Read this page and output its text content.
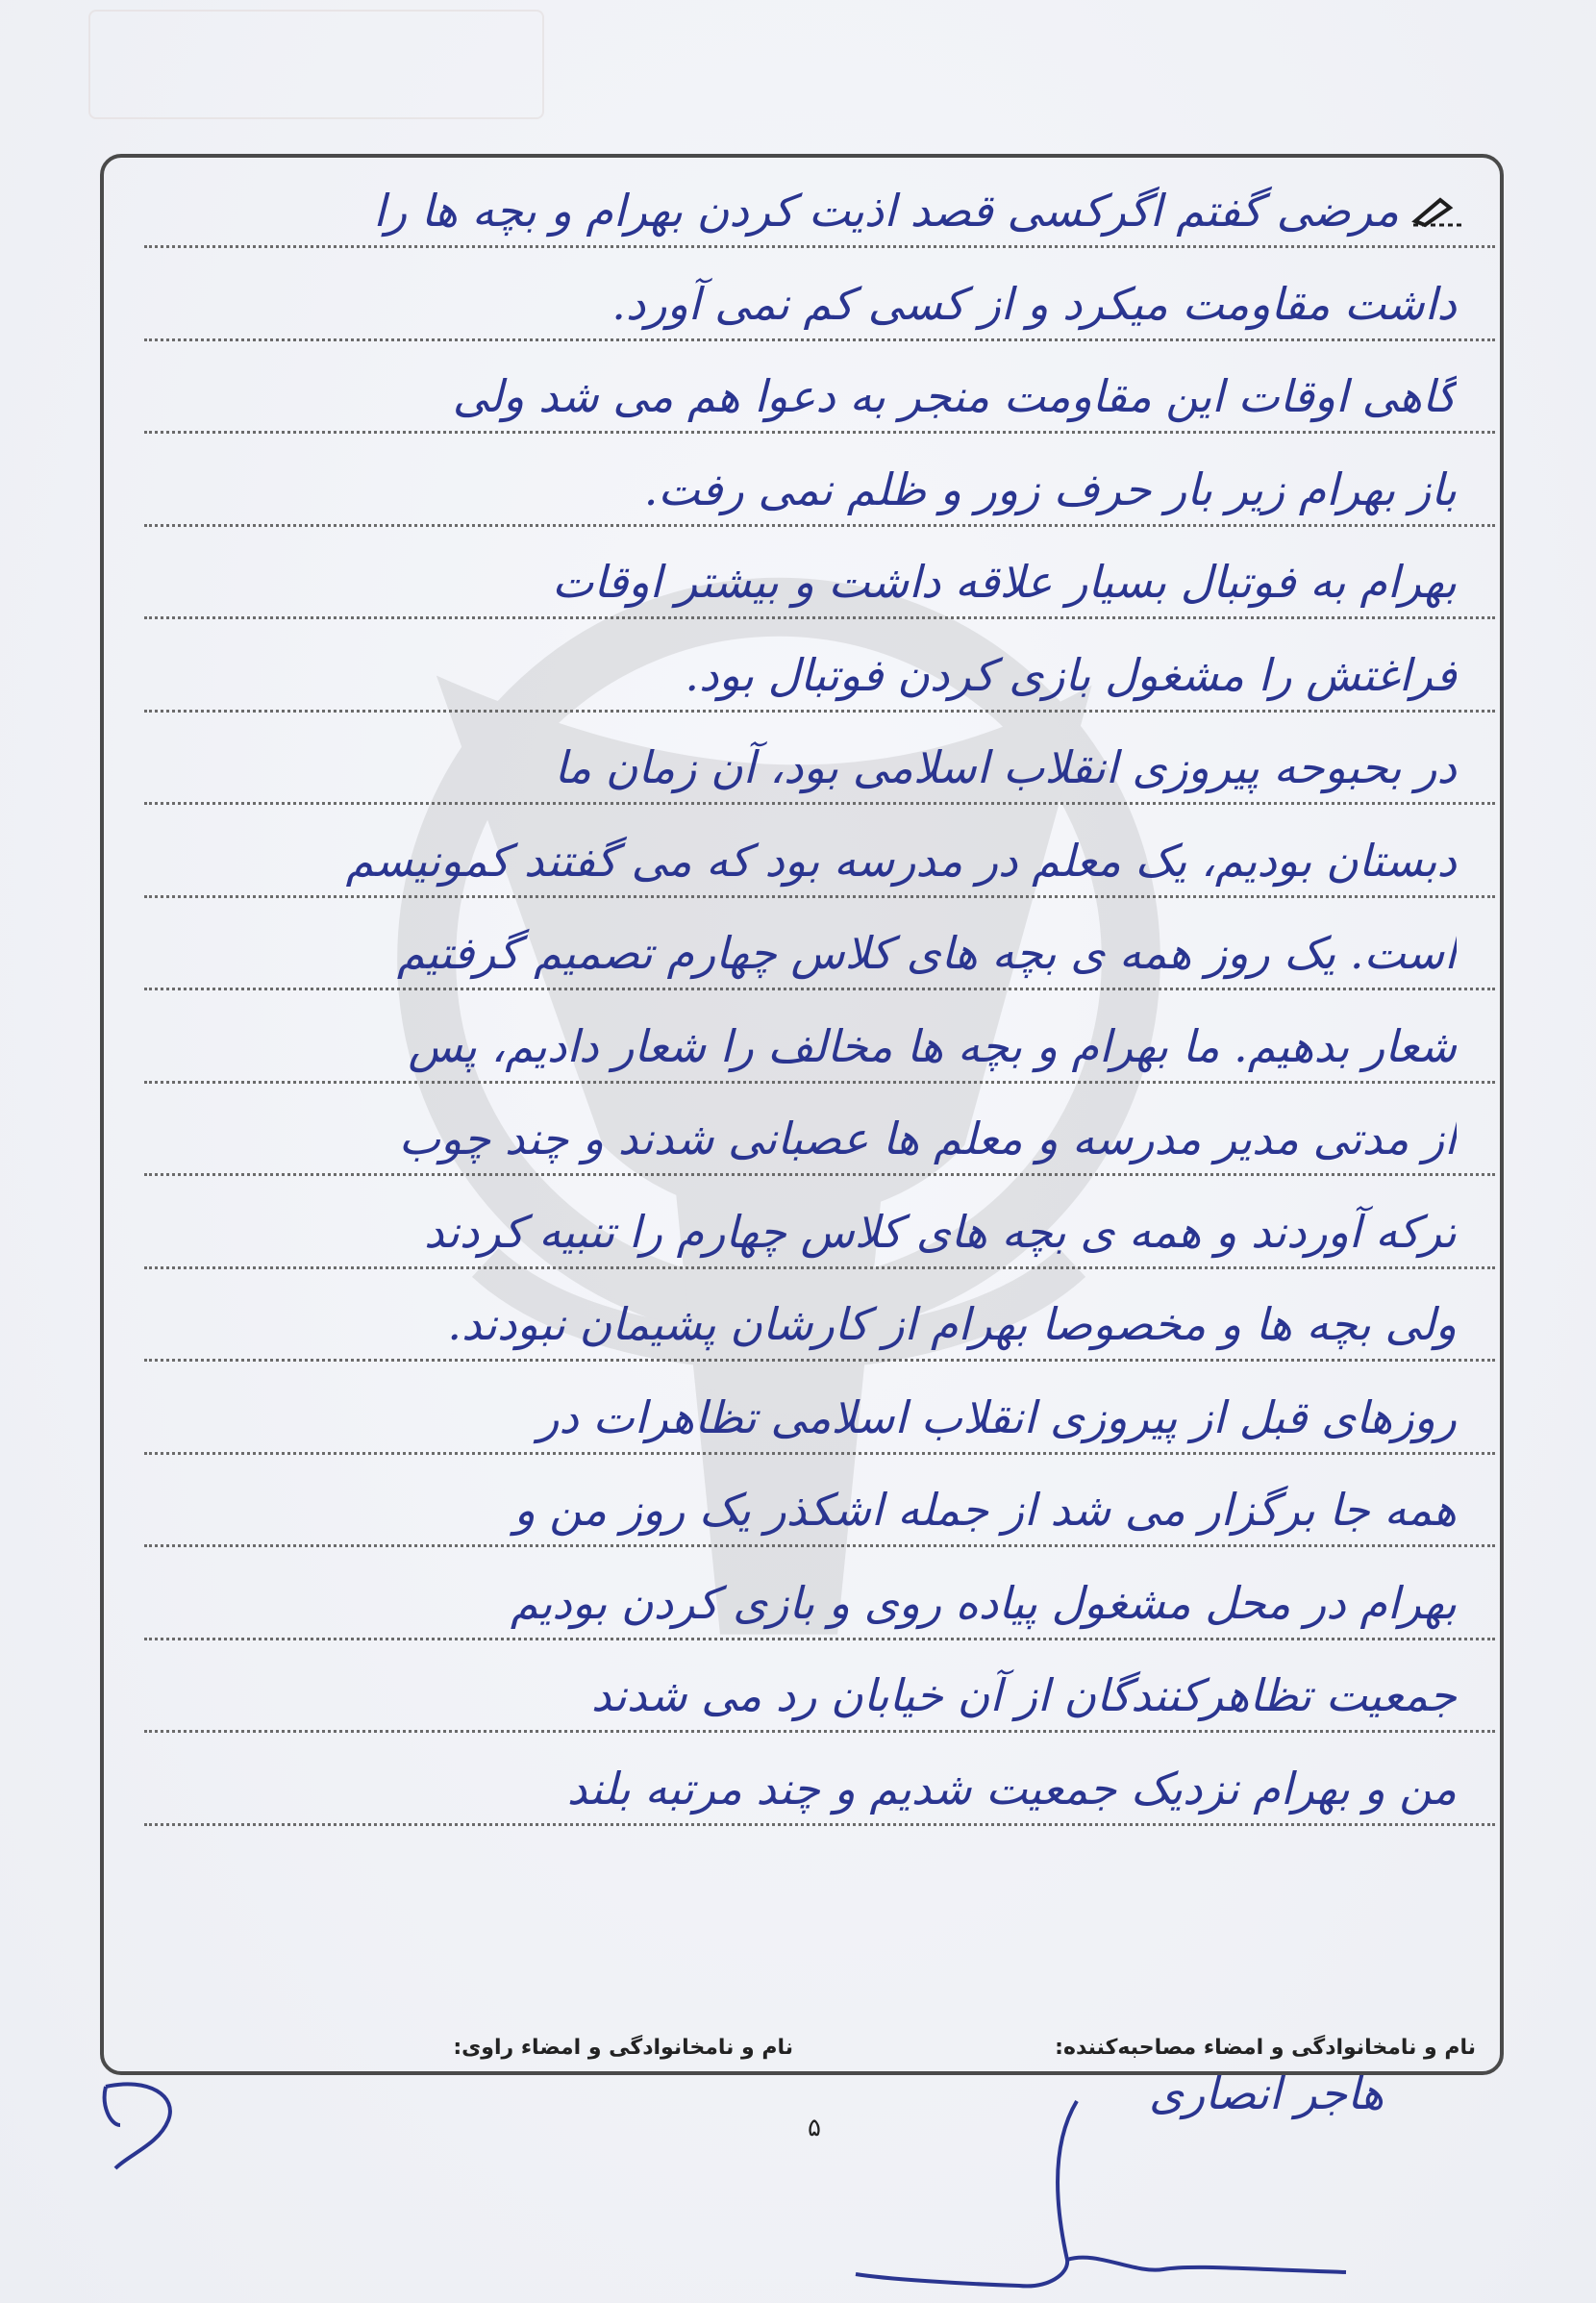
مرضی گفتم اگرکسی قصد اذیت کردن بهرام و بچه ها را
داشت مقاومت میکرد و از کسی کم نمی آورد.
گاهی اوقات این مقاومت منجر به دعوا هم می شد ولی
باز بهرام زیر بار حرف زور و ظلم نمی رفت.
بهرام به فوتبال بسیار علاقه داشت و بیشتر اوقات
فراغتش را مشغول بازی کردن فوتبال بود.
در بحبوحه پیروزی انقلاب اسلامی بود، آن زمان ما
دبستان بودیم، یک معلم در مدرسه بود که می گفتند کمونیسم
است. یک روز همه ی بچه های کلاس چهارم تصمیم گرفتیم
شعار بدهیم. ما بهرام و بچه ها مخالف را شعار دادیم، پس
از مدتی مدیر مدرسه و معلم ها عصبانی شدند و چند چوب
ترکه آوردند و همه ی بچه های کلاس چهارم را تنبیه کردند
ولی بچه ها و مخصوصا بهرام از کارشان پشیمان نبودند.
روزهای قبل از پیروزی انقلاب اسلامی تظاهرات در
همه جا برگزار می شد از جمله اشکذر یک روز من و
بهرام در محل مشغول پیاده روی و بازی کردن بودیم
جمعیت تظاهرکنندگان از آن خیابان رد می شدند
من و بهرام نزدیک جمعیت شدیم و چند مرتبه بلند
نام و نامخانوادگی و امضاء مصاحبه‌کننده:
نام و نامخانوادگی و امضاء راوی:
هاجر انصاری
۵
